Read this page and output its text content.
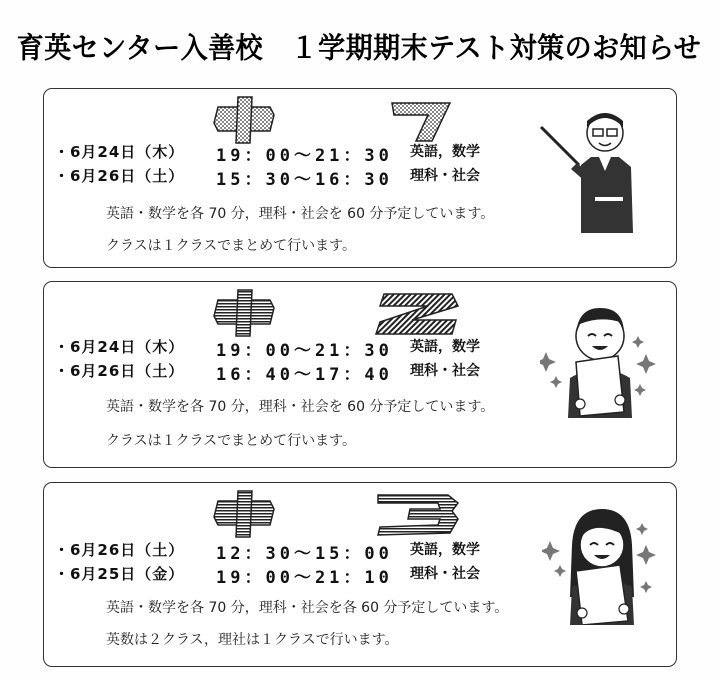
育英センター入善校　１学期期末テスト対策のお知らせ
・6月24日（木） 19：00〜21：30 英語，数学
・6月26日（土） 15：30〜16：30 理科・社会
英語・数学を各 70 分，理科・社会を 60 分予定しています。
クラスは１クラスでまとめて行います。
・6月24日（木） 19：00〜21：30 英語，数学
・6月26日（土） 16：40〜17：40 理科・社会
英語・数学を各 70 分，理科・社会を 60 分予定しています。
クラスは１クラスでまとめて行います。
・6月26日（土） 12：30〜15：00 英語，数学
・6月25日（金） 19：00〜21：10 理科・社会
英語・数学を各 70 分，理科・社会を各 60 分予定しています。
英数は２クラス，理社は１クラスで行います。
